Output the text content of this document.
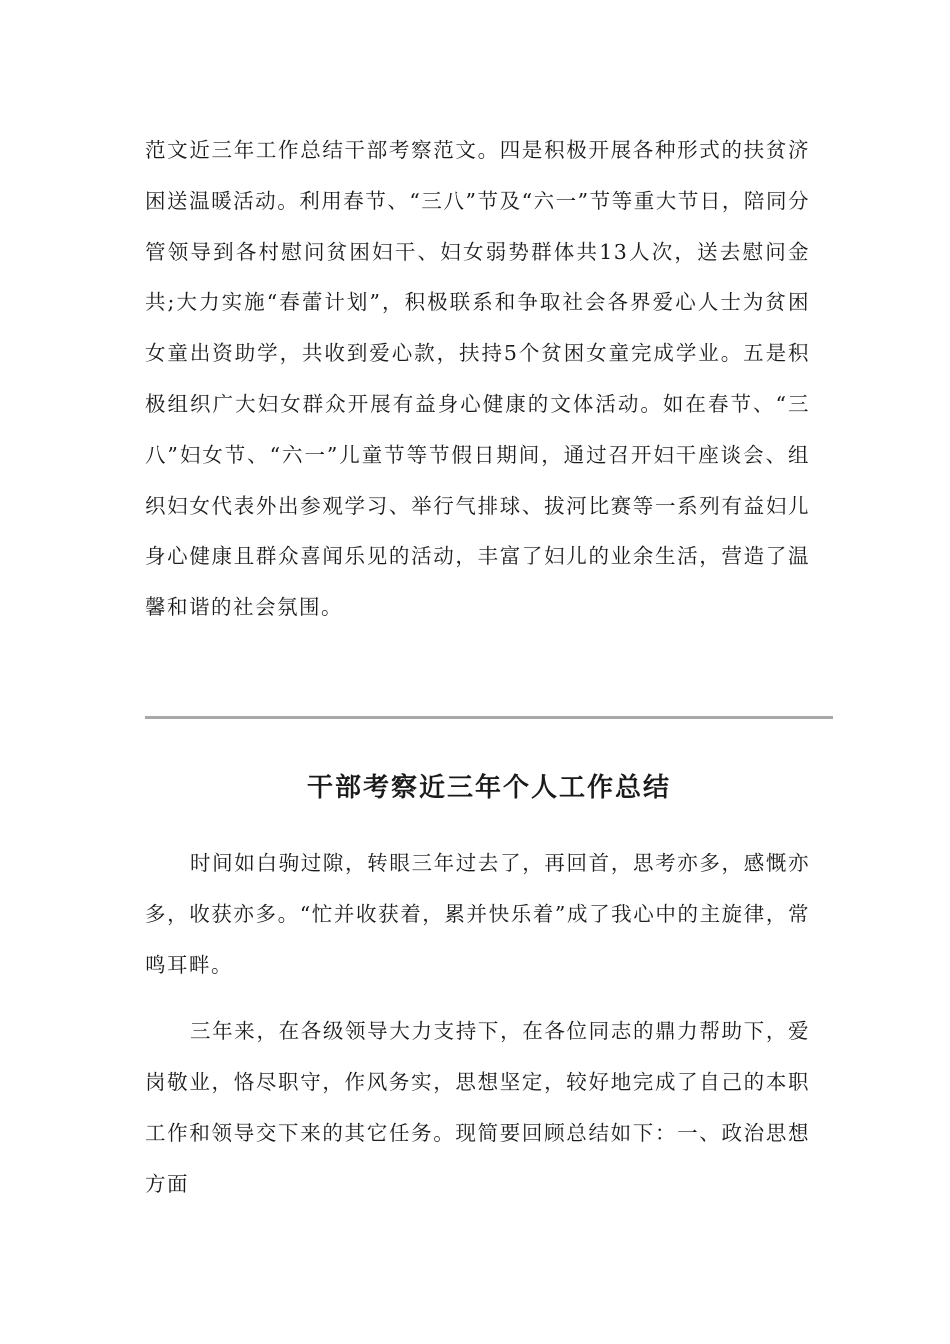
范文近三年工作总结干部考察范文。四是积极开展各种形式的扶贫济困送温暖活动。利用春节、“三八”节及“六一”节等重大节日，陪同分管领导到各村慰问贫困妇干、妇女弱势群体共13人次，送去慰问金共;大力实施“春蕾计划”，积极联系和争取社会各界爱心人士为贫困女童出资助学，共收到爱心款，扶持5个贫困女童完成学业。五是积极组织广大妇女群众开展有益身心健康的文体活动。如在春节、“三八”妇女节、“六一”儿童节等节假日期间，通过召开妇干座谈会、组织妇女代表外出参观学习、举行气排球、拔河比赛等一系列有益妇儿身心健康且群众喜闻乐见的活动，丰富了妇儿的业余生活，营造了温馨和谐的社会氛围。

干部考察近三年个人工作总结

时间如白驹过隙，转眼三年过去了，再回首，思考亦多，感慨亦多，收获亦多。“忙并收获着，累并快乐着”成了我心中的主旋律，常鸣耳畔。

三年来，在各级领导大力支持下，在各位同志的鼎力帮助下，爱岗敬业，恪尽职守，作风务实，思想坚定，较好地完成了自己的本职工作和领导交下来的其它任务。现简要回顾总结如下：一、政治思想方面
